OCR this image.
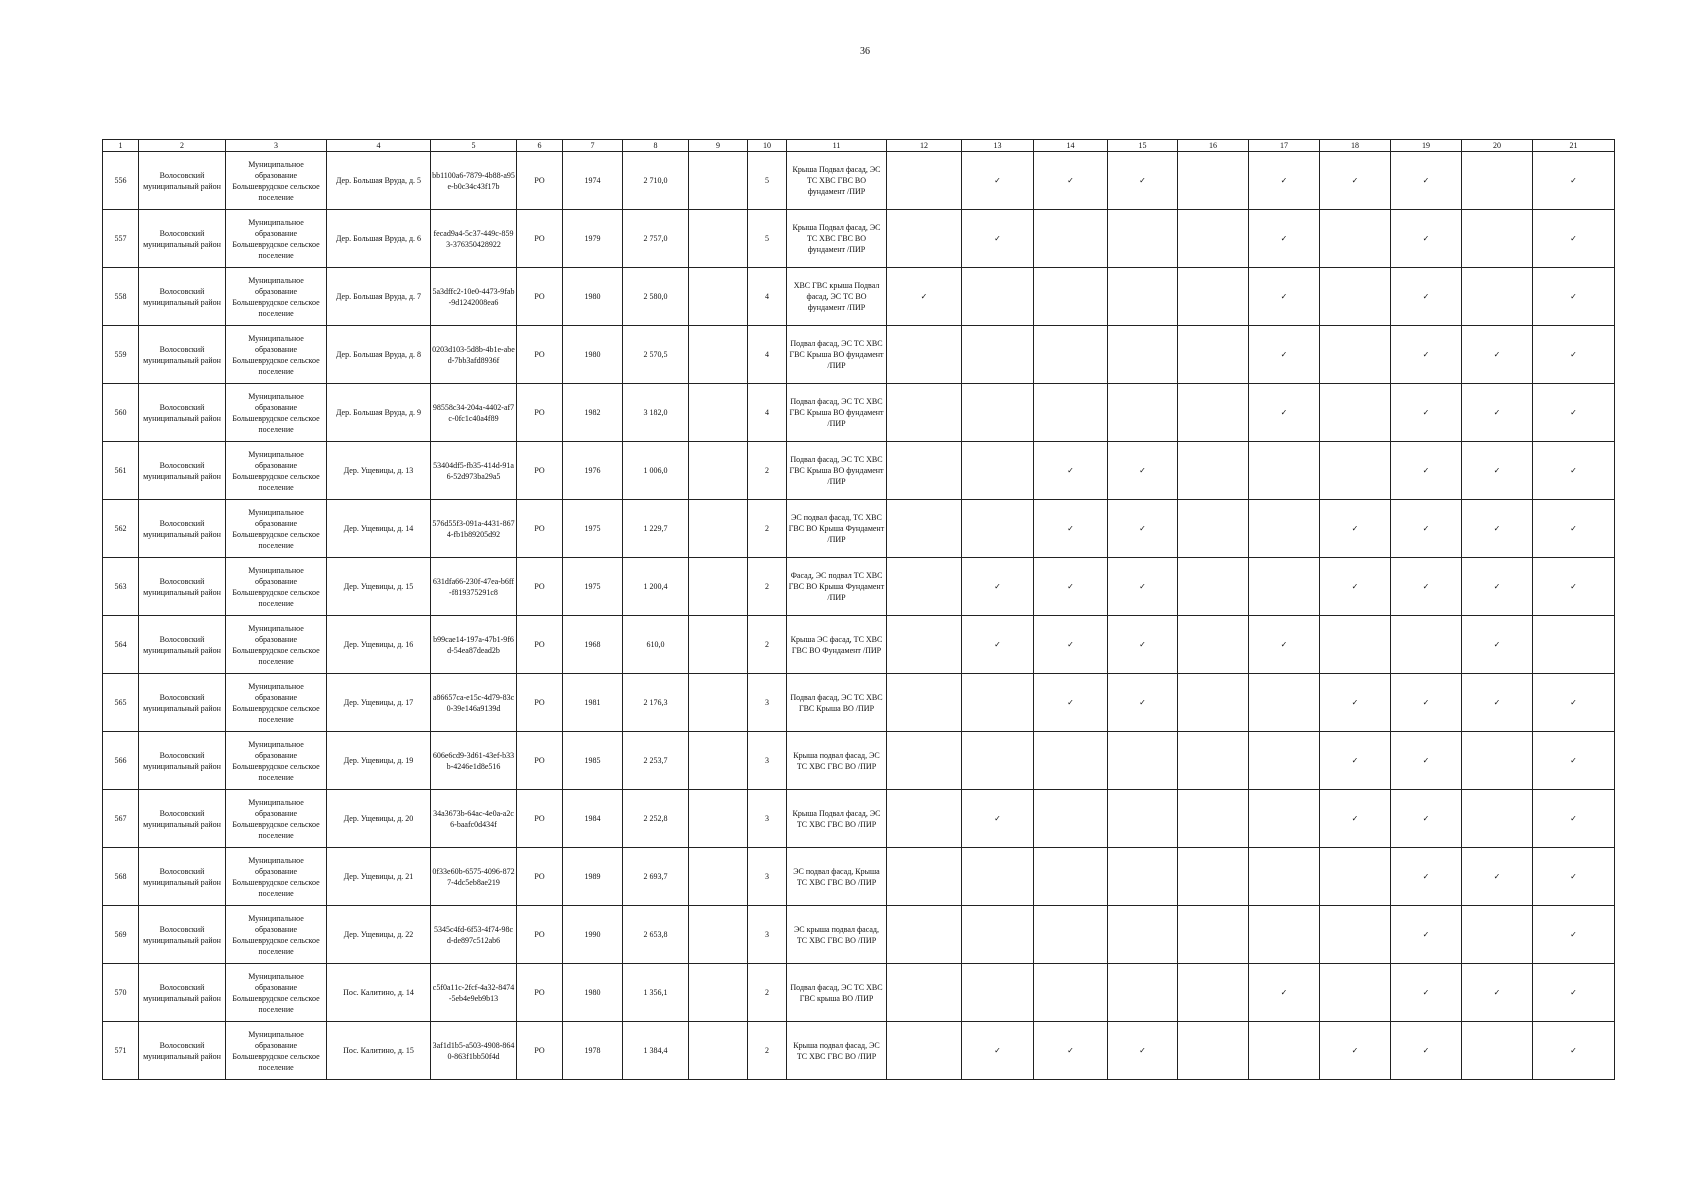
36
1	2	3	4	5	6	7	8	9	10	11	12	13	14	15	16	17	18	19	20	21
556	Волосовский муниципальный район	Муниципальное образование Большеврудское сельское поселение	Дер. Большая Вруда, д. 5	bb1100a6-7879-4b88-a95e-b0c34c43f17b	РО	1974	2 710,0		5	Крыша Подвал фасад, ЭС ТС ХВС ГВС ВО фундамент /ПИР		✓	✓	✓		✓	✓	✓		✓
557	Волосовский муниципальный район	Муниципальное образование Большеврудское сельское поселение	Дер. Большая Вруда, д. 6	fecad9a4-5c37-449c-8593-376350428922	РО	1979	2 757,0		5	Крыша Подвал фасад, ЭС ТС ХВС ГВС ВО фундамент /ПИР		✓				✓		✓		✓
558	Волосовский муниципальный район	Муниципальное образование Большеврудское сельское поселение	Дер. Большая Вруда, д. 7	5a3dffc2-10e0-4473-9fab-9d1242008ea6	РО	1980	2 580,0		4	ХВС ГВС крыша Подвал фасад, ЭС ТС ВО фундамент /ПИР	✓					✓		✓		✓
559	Волосовский муниципальный район	Муниципальное образование Большеврудское сельское поселение	Дер. Большая Вруда, д. 8	0203d103-5d8b-4b1e-abed-7bb3afd8936f	РО	1980	2 570,5		4	Подвал фасад, ЭС ТС ХВС ГВС Крыша ВО фундамент /ПИР						✓		✓	✓	✓
560	Волосовский муниципальный район	Муниципальное образование Большеврудское сельское поселение	Дер. Большая Вруда, д. 9	98558c34-204a-4402-af7c-0fc1c40a4f89	РО	1982	3 182,0		4	Подвал фасад, ЭС ТС ХВС ГВС Крыша ВО фундамент /ПИР						✓		✓	✓	✓
561	Волосовский муниципальный район	Муниципальное образование Большеврудское сельское поселение	Дер. Ущевицы, д. 13	53404df5-fb35-414d-91a6-52d973ba29a5	РО	1976	1 006,0		2	Подвал фасад, ЭС ТС ХВС ГВС Крыша ВО фундамент /ПИР			✓	✓				✓	✓	✓
562	Волосовский муниципальный район	Муниципальное образование Большеврудское сельское поселение	Дер. Ущевицы, д. 14	576d55f3-091a-4431-8674-fb1b89205d92	РО	1975	1 229,7		2	ЭС подвал фасад, ТС ХВС ГВС ВО Крыша Фундамент /ПИР			✓	✓			✓	✓	✓	✓
563	Волосовский муниципальный район	Муниципальное образование Большеврудское сельское поселение	Дер. Ущевицы, д. 15	631dfa66-230f-47ea-b6ff-f819375291c8	РО	1975	1 200,4		2	Фасад, ЭС подвал ТС ХВС ГВС ВО Крыша Фундамент /ПИР		✓	✓	✓			✓	✓	✓	✓
564	Волосовский муниципальный район	Муниципальное образование Большеврудское сельское поселение	Дер. Ущевицы, д. 16	b99cae14-197a-47b1-9f6d-54ea87dead2b	РО	1968	610,0		2	Крыша ЭС фасад, ТС ХВС ГВС ВО Фундамент /ПИР		✓	✓	✓		✓			✓	
565	Волосовский муниципальный район	Муниципальное образование Большеврудское сельское поселение	Дер. Ущевицы, д. 17	a86657ca-e15c-4d79-83c0-39e146a9139d	РО	1981	2 176,3		3	Подвал фасад, ЭС ТС ХВС ГВС Крыша ВО /ПИР			✓	✓			✓	✓	✓	✓
566	Волосовский муниципальный район	Муниципальное образование Большеврудское сельское поселение	Дер. Ущевицы, д. 19	606e6cd9-3d61-43ef-b33b-4246e1d8e516	РО	1985	2 253,7		3	Крыша подвал фасад, ЭС ТС ХВС ГВС ВО /ПИР							✓	✓		✓
567	Волосовский муниципальный район	Муниципальное образование Большеврудское сельское поселение	Дер. Ущевицы, д. 20	34a3673b-64ac-4e0a-a2c6-baafc0d434f	РО	1984	2 252,8		3	Крыша Подвал фасад, ЭС ТС ХВС ГВС ВО /ПИР		✓					✓	✓		✓
568	Волосовский муниципальный район	Муниципальное образование Большеврудское сельское поселение	Дер. Ущевицы, д. 21	0f33e60b-6575-4096-8727-4dc5eb8ae219	РО	1989	2 693,7		3	ЭС подвал фасад, Крыша ТС ХВС ГВС ВО /ПИР								✓	✓	✓
569	Волосовский муниципальный район	Муниципальное образование Большеврудское сельское поселение	Дер. Ущевицы, д. 22	5345c4fd-6f53-4f74-98cd-de897c512ab6	РО	1990	2 653,8		3	ЭС крыша подвал фасад, ТС ХВС ГВС ВО /ПИР								✓		✓
570	Волосовский муниципальный район	Муниципальное образование Большеврудское сельское поселение	Пос. Калитино, д. 14	c5f0a11c-2fcf-4a32-8474-5eb4e9eb9b13	РО	1980	1 356,1		2	Подвал фасад, ЭС ТС ХВС ГВС крыша ВО /ПИР						✓		✓	✓	✓
571	Волосовский муниципальный район	Муниципальное образование Большеврудское сельское поселение	Пос. Калитино, д. 15	3af1d1b5-a503-4908-8640-863f1bb50f4d	РО	1978	1 384,4		2	Крыша подвал фасад, ЭС ТС ХВС ГВС ВО /ПИР		✓	✓	✓			✓	✓		✓
